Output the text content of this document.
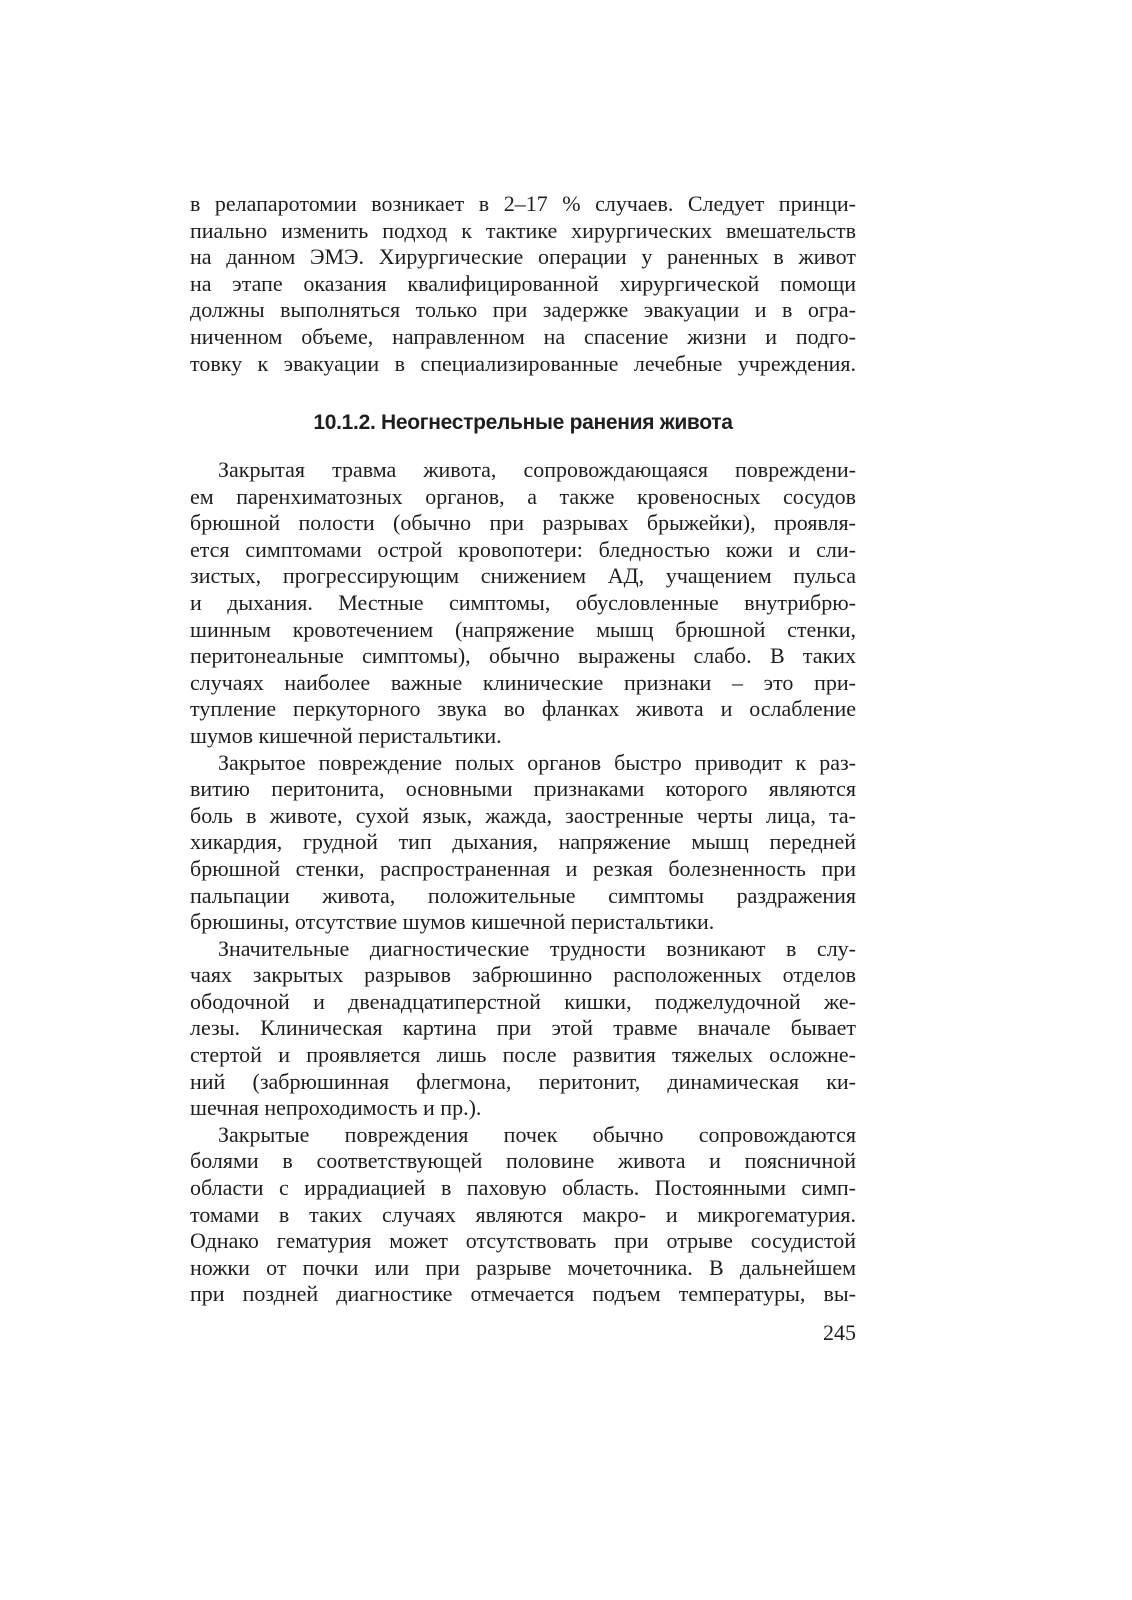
в релапаротомии возникает в 2–17 % случаев. Следует принци-
пиально изменить подход к тактике хирургических вмешательств
на данном ЭМЭ. Хирургические операции у раненных в живот
на этапе оказания квалифицированной хирургической помощи
должны выполняться только при задержке эвакуации и в огра-
ниченном объеме, направленном на спасение жизни и подго-
товку к эвакуации в специализированные лечебные учреждения.

10.1.2. Неогнестрельные ранения живота

Закрытая травма живота, сопровождающаяся повреждени-
ем паренхиматозных органов, а также кровеносных сосудов
брюшной полости (обычно при разрывах брыжейки), проявля-
ется симптомами острой кровопотери: бледностью кожи и сли-
зистых, прогрессирующим снижением АД, учащением пульса
и дыхания. Местные симптомы, обусловленные внутрибрю-
шинным кровотечением (напряжение мышц брюшной стенки,
перитонеальные симптомы), обычно выражены слабо. В таких
случаях наиболее важные клинические признаки – это при-
тупление перкуторного звука во фланках живота и ослабление
шумов кишечной перистальтики.

Закрытое повреждение полых органов быстро приводит к раз-
витию перитонита, основными признаками которого являются
боль в животе, сухой язык, жажда, заостренные черты лица, та-
хикардия, грудной тип дыхания, напряжение мышц передней
брюшной стенки, распространенная и резкая болезненность при
пальпации живота, положительные симптомы раздражения
брюшины, отсутствие шумов кишечной перистальтики.

Значительные диагностические трудности возникают в слу-
чаях закрытых разрывов забрюшинно расположенных отделов
ободочной и двенадцатиперстной кишки, поджелудочной же-
лезы. Клиническая картина при этой травме вначале бывает
стертой и проявляется лишь после развития тяжелых осложне-
ний (забрюшинная флегмона, перитонит, динамическая ки-
шечная непроходимость и пр.).

Закрытые повреждения почек обычно сопровождаются
болями в соответствующей половине живота и поясничной
области с иррадиацией в паховую область. Постоянными симп-
томами в таких случаях являются макро- и микрогематурия.
Однако гематурия может отсутствовать при отрыве сосудистой
ножки от почки или при разрыве мочеточника. В дальнейшем
при поздней диагностике отмечается подъем температуры, вы-

245
